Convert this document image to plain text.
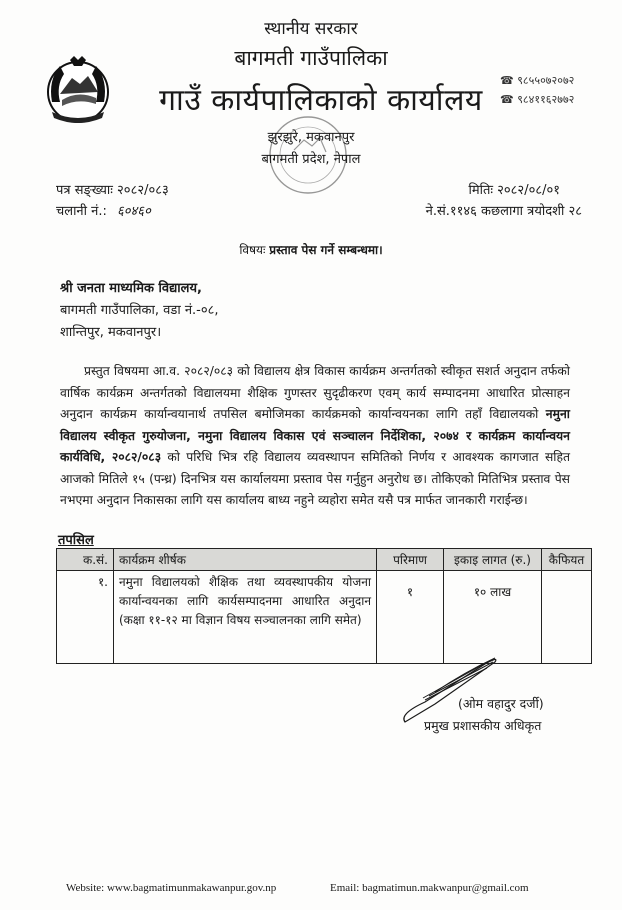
स्थानीय सरकार
बागमती गाउँपालिका
गाउँ कार्यपालिकाको कार्यालय
झुरझुरे, मकवानपुर
बागमती प्रदेश, नेपाल
☎ ९८५५०७२०७२
☎ ९८४११६२७७२
पत्र सङ्ख्याः २०८२/०८३
चलानी नं.: ६०४६०
मितिः २०८२/०८/०१
ने.सं.११४६ कछलागा त्रयोदशी २८
विषयः प्रस्ताव पेस गर्ने सम्बन्धमा।
श्री जनता माध्यमिक विद्यालय,
बागमती गाउँपालिका, वडा नं.-०८,
शान्तिपुर, मकवानपुर।
प्रस्तुत विषयमा आ.व. २०८२/०८३ को विद्यालय क्षेत्र विकास कार्यक्रम अन्तर्गतको स्वीकृत सशर्त अनुदान तर्फको वार्षिक कार्यक्रम अन्तर्गतको विद्यालयमा शैक्षिक गुणस्तर सुदृढीकरण एवम् कार्य सम्पादनमा आधारित प्रोत्साहन अनुदान कार्यक्रम कार्यान्वयानार्थ तपसिल बमोजिमका कार्यक्रमको कार्यान्वयनका लागि तहाँ विद्यालयको नमुना विद्यालय स्वीकृत गुरुयोजना, नमुना विद्यालय विकास एवं सञ्चालन निर्देशिका, २०७४ र कार्यक्रम कार्यान्वयन कार्यविधि, २०८२/०८३ को परिधि भित्र रहि विद्यालय व्यवस्थापन समितिको निर्णय र आवश्यक कागजात सहित आजको मितिले १५ (पन्ध्र) दिनभित्र यस कार्यालयमा प्रस्ताव पेस गर्नुहुन अनुरोध छ। तोकिएको मितिभित्र प्रस्ताव पेस नभएमा अनुदान निकासका लागि यस कार्यालय बाध्य नहुने व्यहोरा समेत यसै पत्र मार्फत जानकारी गराईन्छ।
तपसिल
क.सं.	कार्यक्रम शीर्षक	परिमाण	इकाइ लागत (रु.)	कैफियत
१.	नमुना विद्यालयको शैक्षिक तथा व्यवस्थापकीय योजना कार्यान्वयनका लागि कार्यसम्पादनमा आधारित अनुदान (कक्षा ११-१२ मा विज्ञान विषय सञ्चालनका लागि समेत)	१	१० लाख	
(ओम वहादुर दर्जी)
प्रमुख प्रशासकीय अधिकृत
Website: www.bagmatimunmakawanpur.gov.np	Email: bagmatimun.makwanpur@gmail.com
